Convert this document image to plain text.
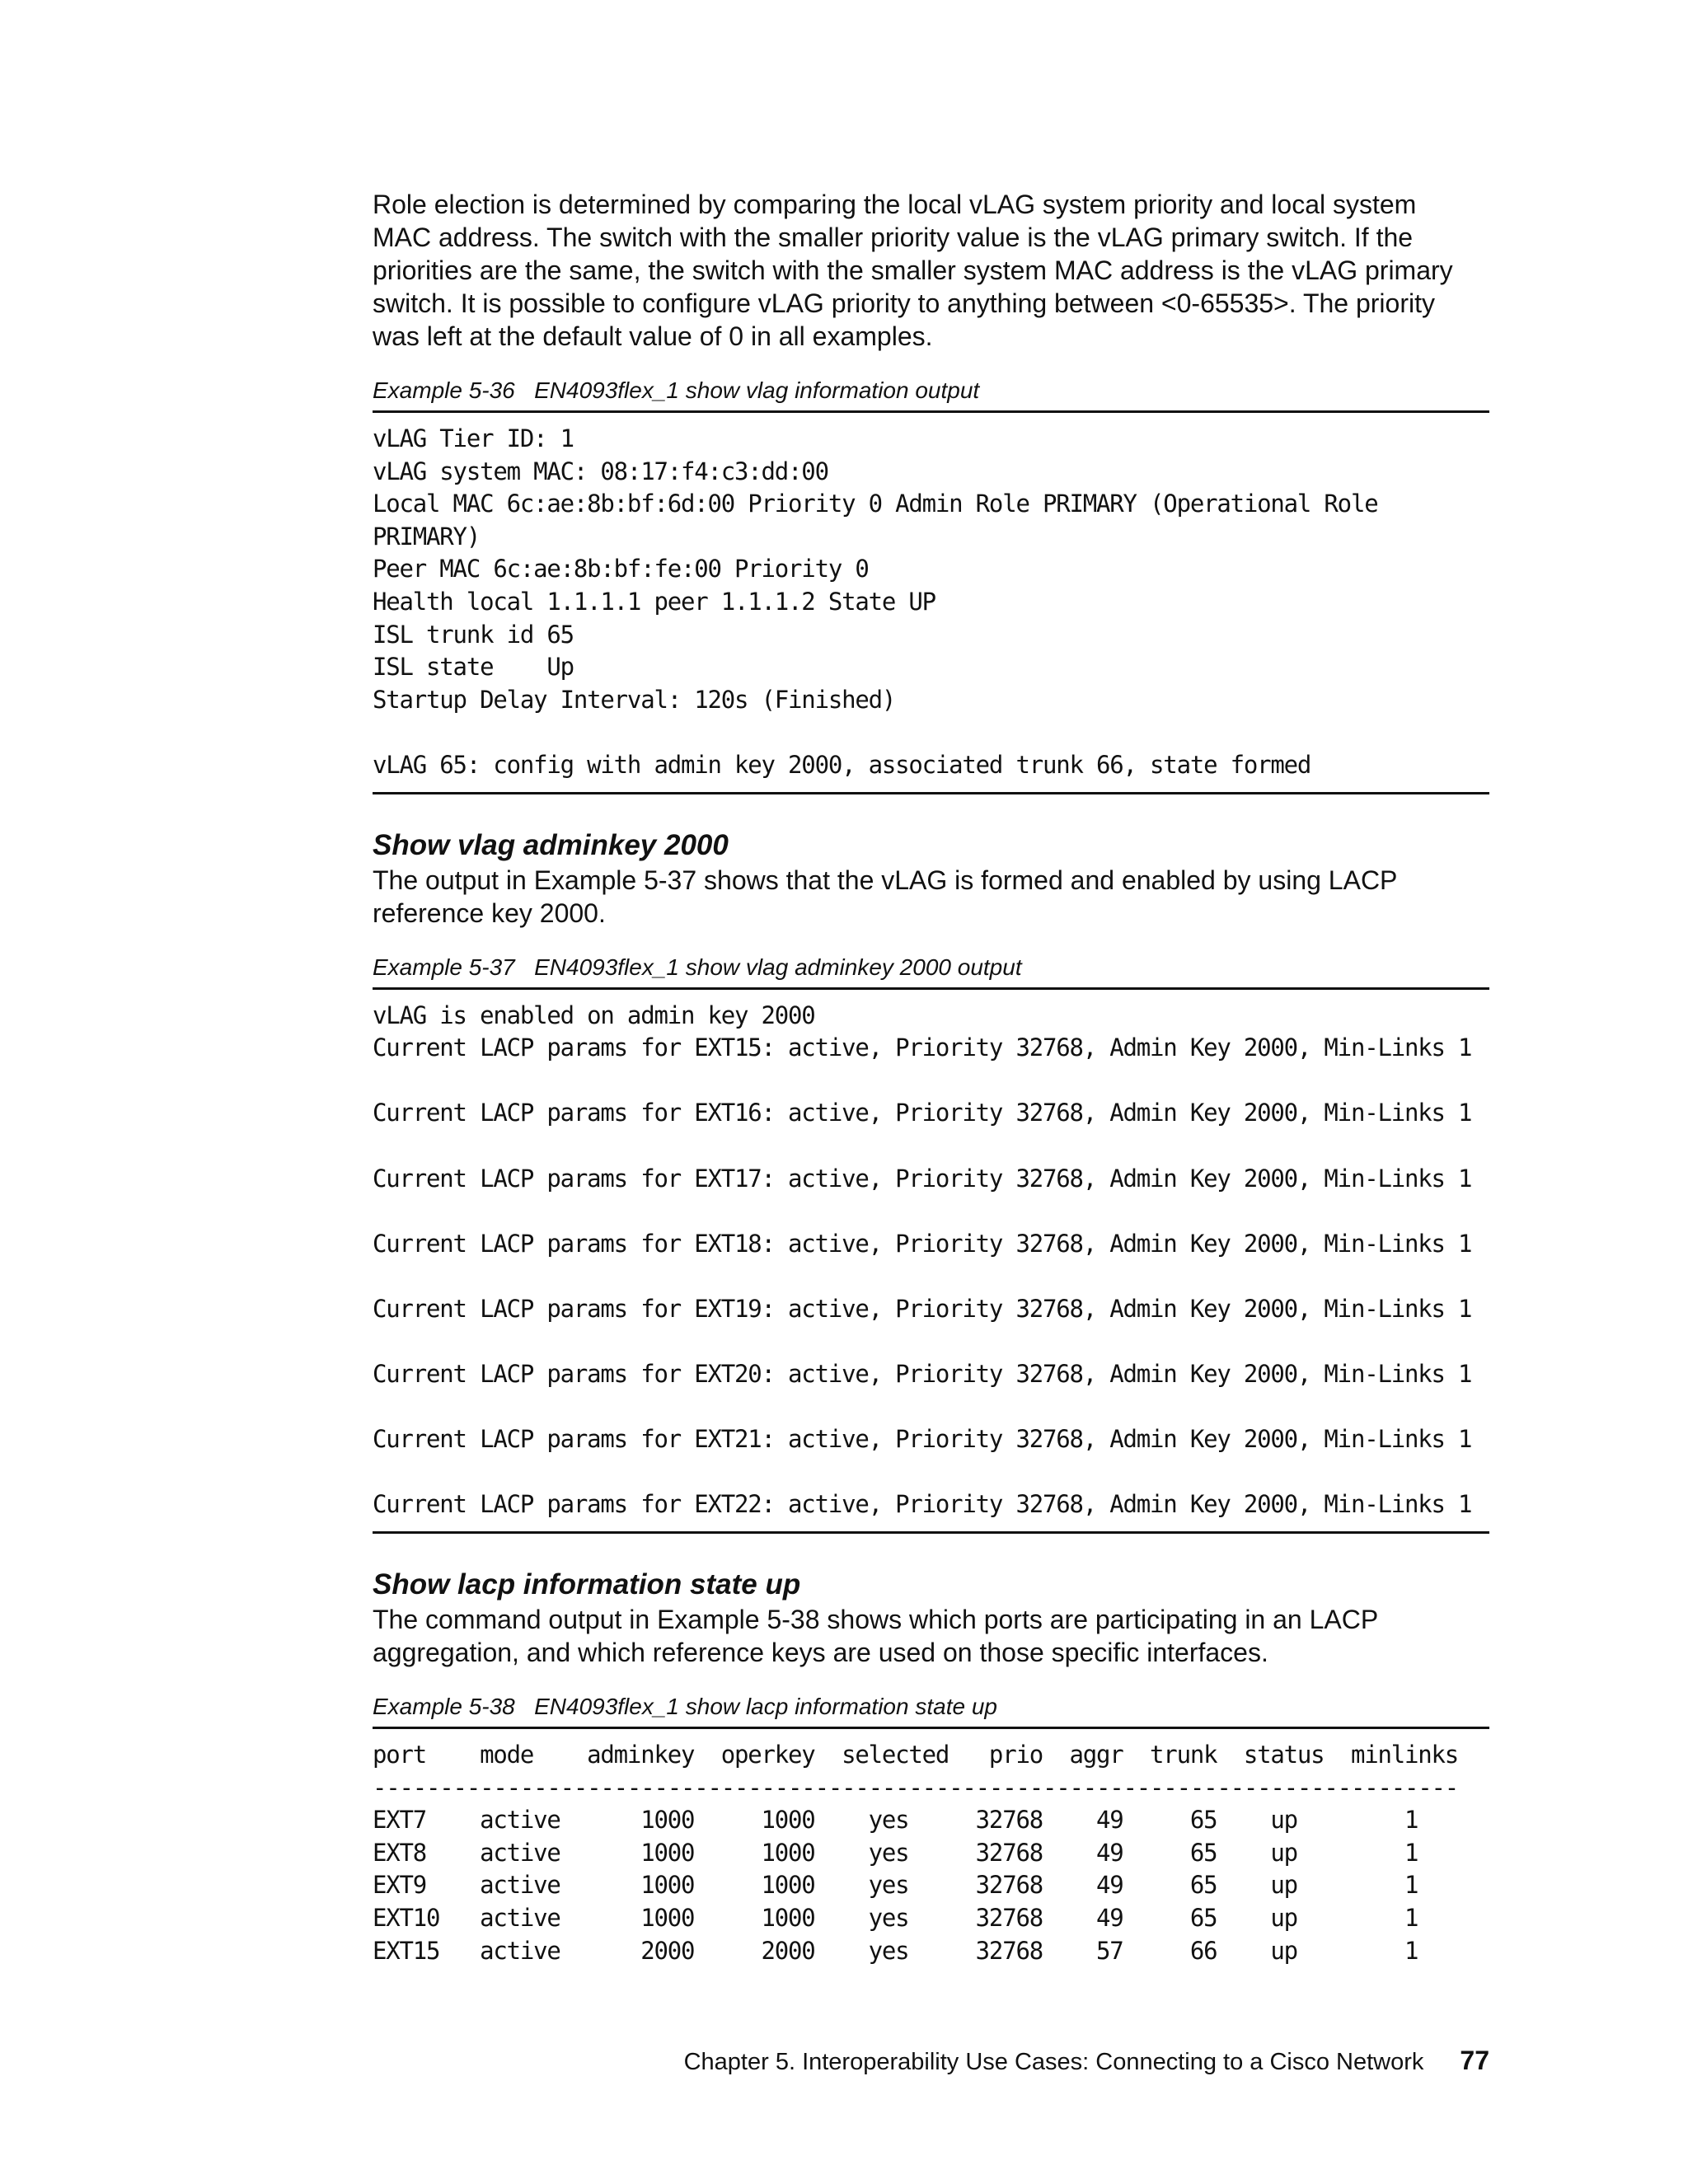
Role election is determined by comparing the local vLAG system priority and local system
MAC address. The switch with the smaller priority value is the vLAG primary switch. If the
priorities are the same, the switch with the smaller system MAC address is the vLAG primary
switch. It is possible to configure vLAG priority to anything between <0-65535>. The priority
was left at the default value of 0 in all examples.

Example 5-36   EN4093flex_1 show vlag information output
vLAG Tier ID: 1
vLAG system MAC: 08:17:f4:c3:dd:00
Local MAC 6c:ae:8b:bf:6d:00 Priority 0 Admin Role PRIMARY (Operational Role
PRIMARY)
Peer MAC 6c:ae:8b:bf:fe:00 Priority 0
Health local 1.1.1.1 peer 1.1.1.2 State UP
ISL trunk id 65
ISL state    Up
Startup Delay Interval: 120s (Finished)
vLAG 65: config with admin key 2000, associated trunk 66, state formed
Show vlag adminkey 2000

The output in Example 5-37 shows that the vLAG is formed and enabled by using LACP
reference key 2000.

Example 5-37   EN4093flex_1 show vlag adminkey 2000 output
vLAG is enabled on admin key 2000
Current LACP params for EXT15: active, Priority 32768, Admin Key 2000, Min-Links 1
Current LACP params for EXT16: active, Priority 32768, Admin Key 2000, Min-Links 1
Current LACP params for EXT17: active, Priority 32768, Admin Key 2000, Min-Links 1
Current LACP params for EXT18: active, Priority 32768, Admin Key 2000, Min-Links 1
Current LACP params for EXT19: active, Priority 32768, Admin Key 2000, Min-Links 1
Current LACP params for EXT20: active, Priority 32768, Admin Key 2000, Min-Links 1
Current LACP params for EXT21: active, Priority 32768, Admin Key 2000, Min-Links 1
Current LACP params for EXT22: active, Priority 32768, Admin Key 2000, Min-Links 1
Show lacp information state up

The command output in Example 5-38 shows which ports are participating in an LACP
aggregation, and which reference keys are used on those specific interfaces.

Example 5-38   EN4093flex_1 show lacp information state up
port    mode    adminkey  operkey  selected   prio  aggr  trunk  status  minlinks
---------------------------------------------------------------------------------
EXT7    active      1000     1000    yes     32768    49     65    up        1
EXT8    active      1000     1000    yes     32768    49     65    up        1
EXT9    active      1000     1000    yes     32768    49     65    up        1
EXT10   active      1000     1000    yes     32768    49     65    up        1
EXT15   active      2000     2000    yes     32768    57     66    up        1
Chapter 5. Interoperability Use Cases: Connecting to a Cisco Network 77
